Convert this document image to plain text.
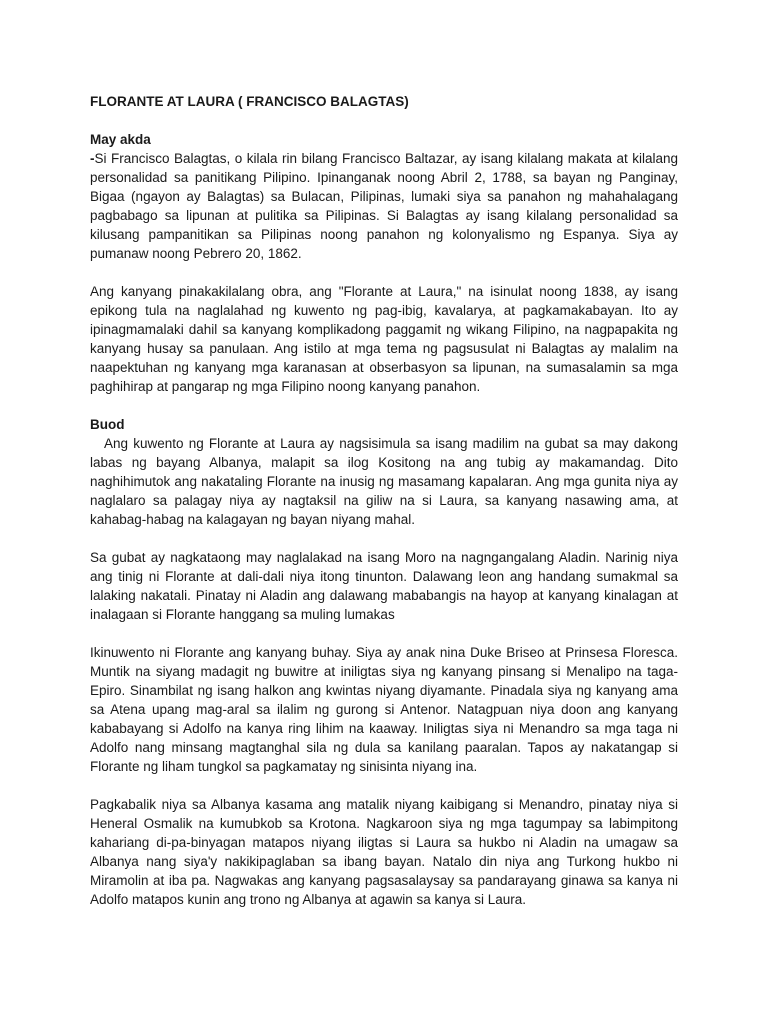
FLORANTE AT LAURA ( FRANCISCO BALAGTAS)
May akda

-Si Francisco Balagtas, o kilala rin bilang Francisco Baltazar, ay isang kilalang makata at kilalang personalidad sa panitikang Pilipino. Ipinanganak noong Abril 2, 1788, sa bayan ng Panginay, Bigaa (ngayon ay Balagtas) sa Bulacan, Pilipinas, lumaki siya sa panahon ng mahahalagang pagbabago sa lipunan at pulitika sa Pilipinas. Si Balagtas ay isang kilalang personalidad sa kilusang pampanitikan sa Pilipinas noong panahon ng kolonyalismo ng Espanya. Siya ay pumanaw noong Pebrero 20, 1862.

Ang kanyang pinakakilalang obra, ang "Florante at Laura," na isinulat noong 1838, ay isang epikong tula na naglalahad ng kuwento ng pag-ibig, kavalarya, at pagkamakabayan. Ito ay ipinagmamalaki dahil sa kanyang komplikadong paggamit ng wikang Filipino, na nagpapakita ng kanyang husay sa panulaan. Ang istilo at mga tema ng pagsusulat ni Balagtas ay malalim na naapektuhan ng kanyang mga karanasan at obserbasyon sa lipunan, na sumasalamin sa mga paghihirap at pangarap ng mga Filipino noong kanyang panahon.

Buod

Ang kuwento ng Florante at Laura ay nagsisimula sa isang madilim na gubat sa may dakong labas ng bayang Albanya, malapit sa ilog Kositong na ang tubig ay makamandag. Dito naghihimutok ang nakataling Florante na inusig ng masamang kapalaran. Ang mga gunita niya ay naglalaro sa palagay niya ay nagtaksil na giliw na si Laura, sa kanyang nasawing ama, at kahabag-habag na kalagayan ng bayan niyang mahal.

Sa gubat ay nagkataong may naglalakad na isang Moro na nagngangalang Aladin. Narinig niya ang tinig ni Florante at dali-dali niya itong tinunton. Dalawang leon ang handang sumakmal sa lalaking nakatali. Pinatay ni Aladin ang dalawang mababangis na hayop at kanyang kinalagan at inalagaan si Florante hanggang sa muling lumakas

Ikinuwento ni Florante ang kanyang buhay. Siya ay anak nina Duke Briseo at Prinsesa Floresca. Muntik na siyang madagit ng buwitre at iniligtas siya ng kanyang pinsang si Menalipo na taga-Epiro. Sinambilat ng isang halkon ang kwintas niyang diyamante. Pinadala siya ng kanyang ama sa Atena upang mag-aral sa ilalim ng gurong si Antenor. Natagpuan niya doon ang kanyang kababayang si Adolfo na kanya ring lihim na kaaway. Iniligtas siya ni Menandro sa mga taga ni Adolfo nang minsang magtanghal sila ng dula sa kanilang paaralan. Tapos ay nakatangap si Florante ng liham tungkol sa pagkamatay ng sinisinta niyang ina.

Pagkabalik niya sa Albanya kasama ang matalik niyang kaibigang si Menandro, pinatay niya si Heneral Osmalik na kumubkob sa Krotona. Nagkaroon siya ng mga tagumpay sa labimpitong kahariang di-pa-binyagan matapos niyang iligtas si Laura sa hukbo ni Aladin na umagaw sa Albanya nang siya'y nakikipaglaban sa ibang bayan. Natalo din niya ang Turkong hukbo ni Miramolin at iba pa. Nagwakas ang kanyang pagsasalaysay sa pandarayang ginawa sa kanya ni Adolfo matapos kunin ang trono ng Albanya at agawin sa kanya si Laura.
